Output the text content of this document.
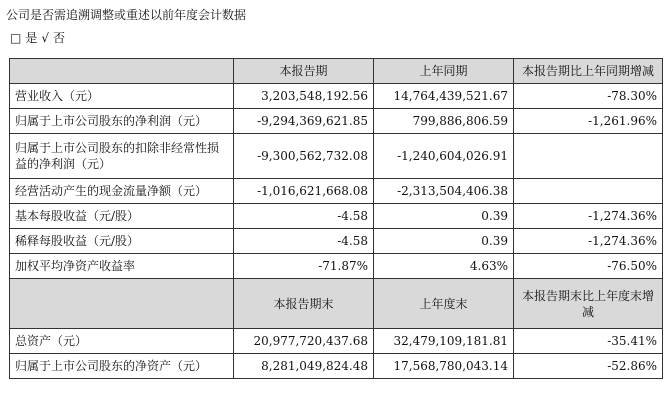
公司是否需追溯调整或重述以前年度会计数据
□ 是 √ 否
	本报告期	上年同期	本报告期比上年同期增减
营业收入（元）	3,203,548,192.56	14,764,439,521.67	-78.30%
归属于上市公司股东的净利润（元）	-9,294,369,621.85	799,886,806.59	-1,261.96%
归属于上市公司股东的扣除非经常性损益的净利润（元）	-9,300,562,732.08	-1,240,604,026.91	
经营活动产生的现金流量净额（元）	-1,016,621,668.08	-2,313,504,406.38	
基本每股收益（元/股）	-4.58	0.39	-1,274.36%
稀释每股收益（元/股）	-4.58	0.39	-1,274.36%
加权平均净资产收益率	-71.87%	4.63%	-76.50%
	本报告期末	上年度末	本报告期末比上年度末增减
总资产（元）	20,977,720,437.68	32,479,109,181.81	-35.41%
归属于上市公司股东的净资产（元）	8,281,049,824.48	17,568,780,043.14	-52.86%
